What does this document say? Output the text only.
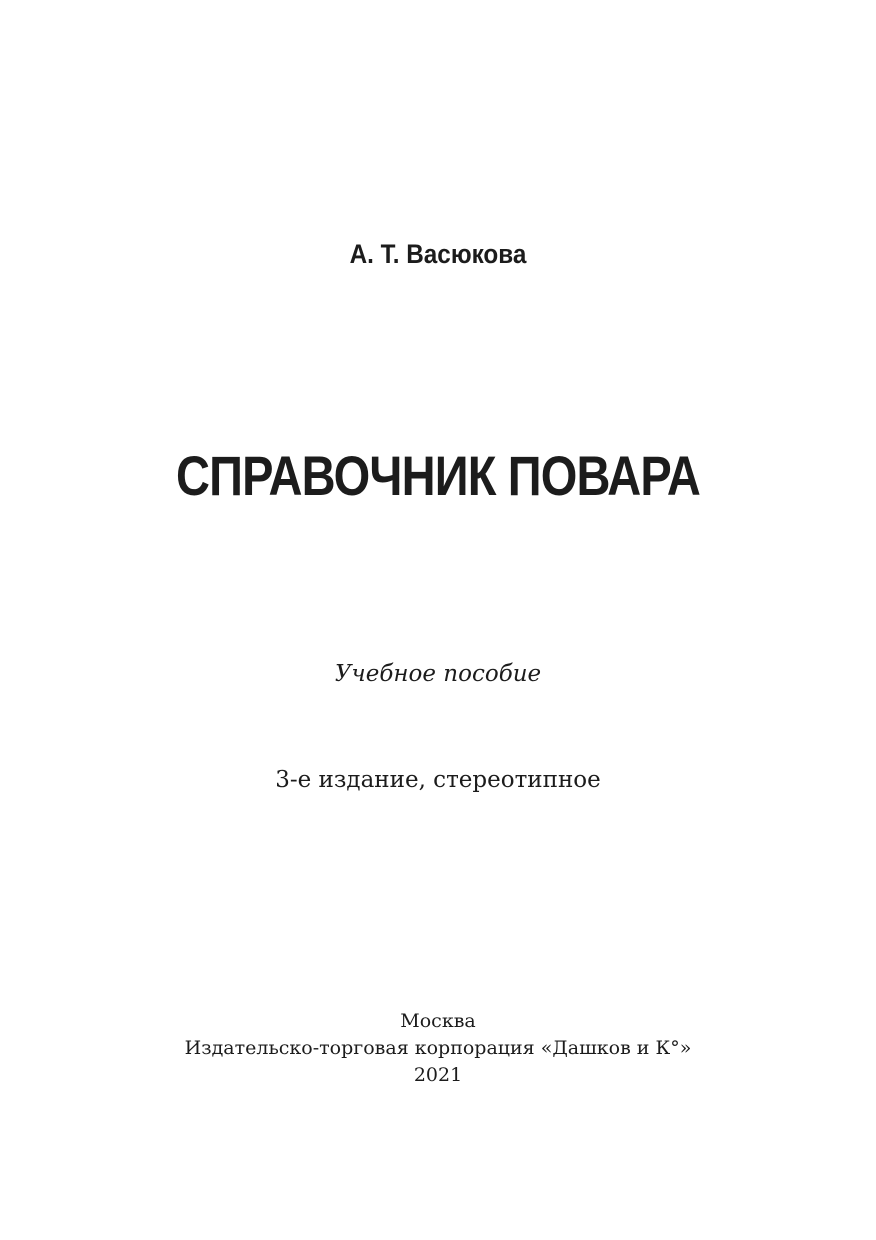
А. Т. Васюкова
СПРАВОЧНИК ПОВАРА
Учебное пособие
3-е издание, стереотипное
Москва
Издательско-торговая корпорация «Дашков и К°»
2021
